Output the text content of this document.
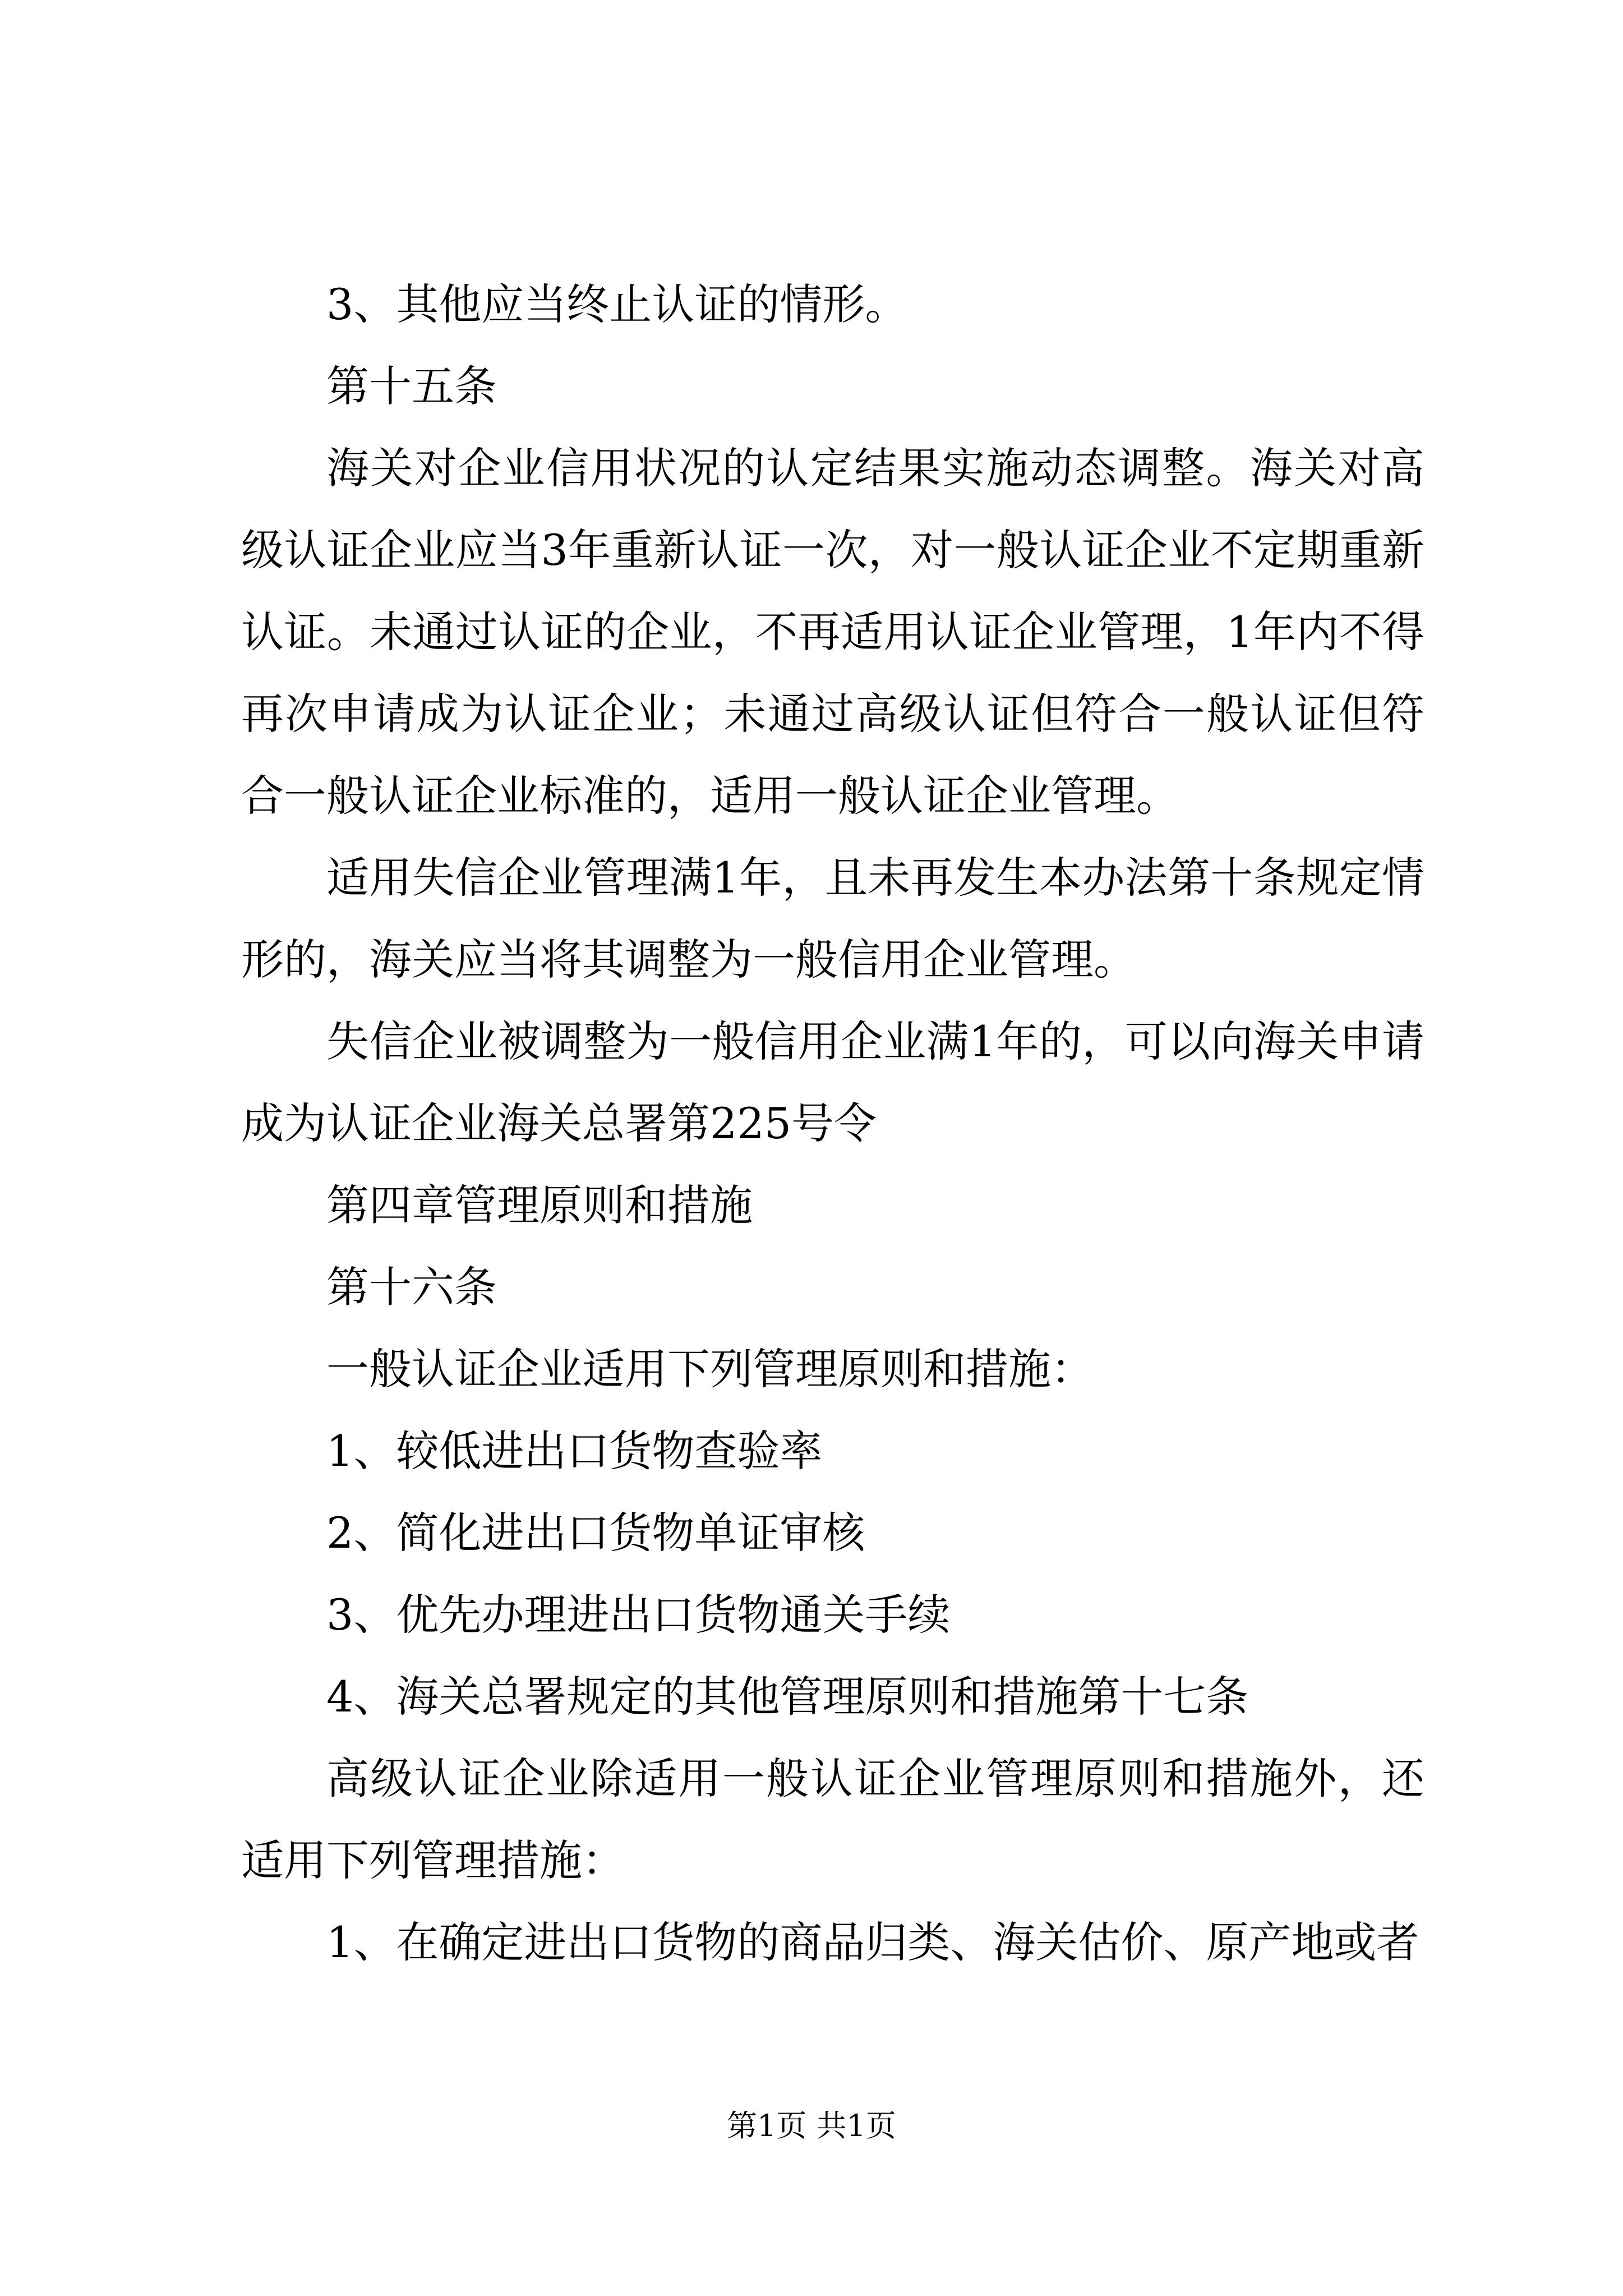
3、其他应当终止认证的情形。

第十五条

海关对企业信用状况的认定结果实施动态调整。海关对高级认证企业应当3年重新认证一次，对一般认证企业不定期重新认证。未通过认证的企业，不再适用认证企业管理，1年内不得再次申请成为认证企业；未通过高级认证但符合一般认证但符合一般认证企业标准的，适用一般认证企业管理。

适用失信企业管理满1年，且未再发生本办法第十条规定情形的，海关应当将其调整为一般信用企业管理。

失信企业被调整为一般信用企业满1年的，可以向海关申请成为认证企业海关总署第225号令

第四章管理原则和措施

第十六条

一般认证企业适用下列管理原则和措施：

1、较低进出口货物查验率

2、简化进出口货物单证审核

3、优先办理进出口货物通关手续

4、海关总署规定的其他管理原则和措施第十七条

高级认证企业除适用一般认证企业管理原则和措施外，还适用下列管理措施：

1、在确定进出口货物的商品归类、海关估价、原产地或者

第1页 共1页
